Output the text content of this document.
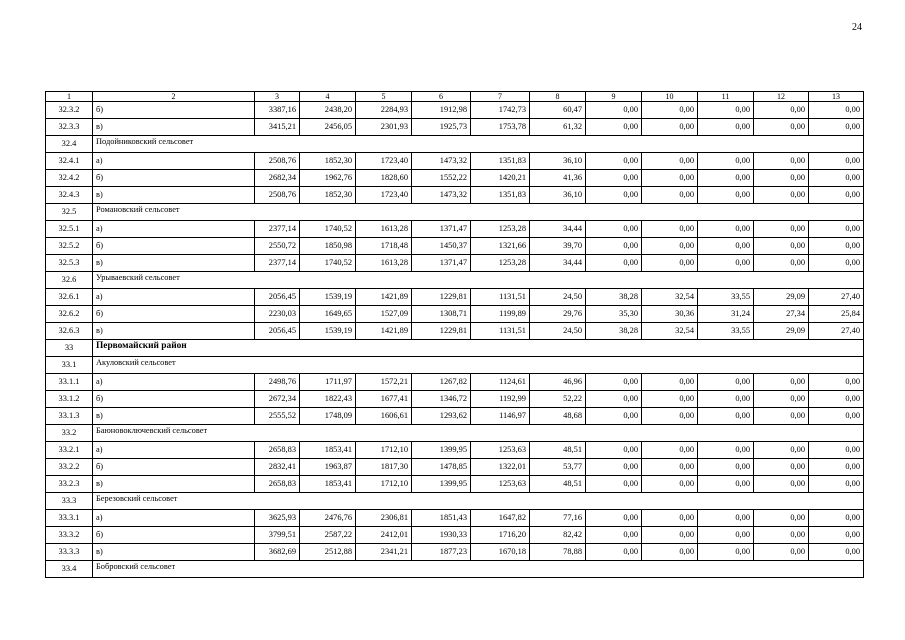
24
1	2	3	4	5	6	7	8	9	10	11	12	13
32.3.2	б)	3387,16	2438,20	2284,93	1912,98	1742,73	60,47	0,00	0,00	0,00	0,00	0,00
32.3.3	в)	3415,21	2456,05	2301,93	1925,73	1753,78	61,32	0,00	0,00	0,00	0,00	0,00
32.4	Подойниковский сельсовет											
32.4.1	а)	2508,76	1852,30	1723,40	1473,32	1351,83	36,10	0,00	0,00	0,00	0,00	0,00
32.4.2	б)	2682,34	1962,76	1828,60	1552,22	1420,21	41,36	0,00	0,00	0,00	0,00	0,00
32.4.3	в)	2508,76	1852,30	1723,40	1473,32	1351,83	36,10	0,00	0,00	0,00	0,00	0,00
32.5	Романовский сельсовет											
32.5.1	а)	2377,14	1740,52	1613,28	1371,47	1253,28	34,44	0,00	0,00	0,00	0,00	0,00
32.5.2	б)	2550,72	1850,98	1718,48	1450,37	1321,66	39,70	0,00	0,00	0,00	0,00	0,00
32.5.3	в)	2377,14	1740,52	1613,28	1371,47	1253,28	34,44	0,00	0,00	0,00	0,00	0,00
32.6	Урываевский сельсовет											
32.6.1	а)	2056,45	1539,19	1421,89	1229,81	1131,51	24,50	38,28	32,54	33,55	29,09	27,40
32.6.2	б)	2230,03	1649,65	1527,09	1308,71	1199,89	29,76	35,30	30,36	31,24	27,34	25,84
32.6.3	в)	2056,45	1539,19	1421,89	1229,81	1131,51	24,50	38,28	32,54	33,55	29,09	27,40
33	Первомайский район											
33.1	Акуловский сельсовет											
33.1.1	а)	2498,76	1711,97	1572,21	1267,82	1124,61	46,96	0,00	0,00	0,00	0,00	0,00
33.1.2	б)	2672,34	1822,43	1677,41	1346,72	1192,99	52,22	0,00	0,00	0,00	0,00	0,00
33.1.3	в)	2555,52	1748,09	1606,61	1293,62	1146,97	48,68	0,00	0,00	0,00	0,00	0,00
33.2	Баюновоключевский сельсовет											
33.2.1	а)	2658,83	1853,41	1712,10	1399,95	1253,63	48,51	0,00	0,00	0,00	0,00	0,00
33.2.2	б)	2832,41	1963,87	1817,30	1478,85	1322,01	53,77	0,00	0,00	0,00	0,00	0,00
33.2.3	в)	2658,83	1853,41	1712,10	1399,95	1253,63	48,51	0,00	0,00	0,00	0,00	0,00
33.3	Березовский сельсовет											
33.3.1	а)	3625,93	2476,76	2306,81	1851,43	1647,82	77,16	0,00	0,00	0,00	0,00	0,00
33.3.2	б)	3799,51	2587,22	2412,01	1930,33	1716,20	82,42	0,00	0,00	0,00	0,00	0,00
33.3.3	в)	3682,69	2512,88	2341,21	1877,23	1670,18	78,88	0,00	0,00	0,00	0,00	0,00
33.4	Бобровский сельсовет											
